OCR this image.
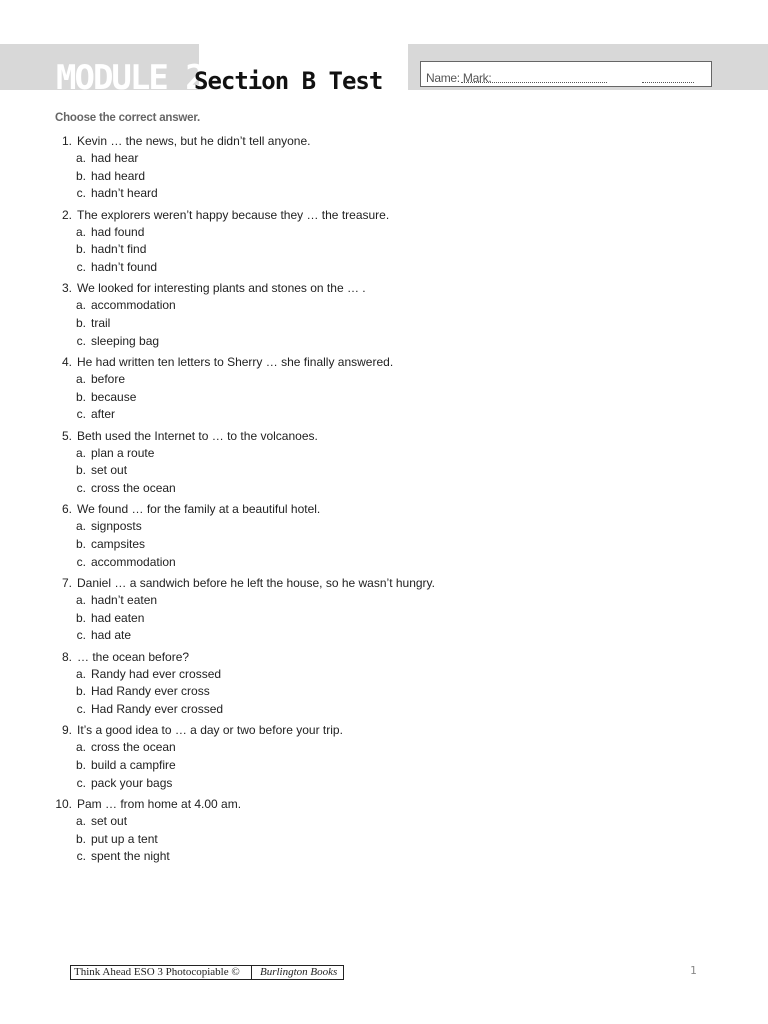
MODULE 2
Section B Test	Name: Mark:
Choose the correct answer.
1. Kevin … the news, but he didn’t tell anyone.
a. had hear
b. had heard
c. hadn’t heard
2. The explorers weren’t happy because they … the treasure.
a. had found
b. hadn’t find
c. hadn’t found
3. We looked for interesting plants and stones on the … .
a. accommodation
b. trail
c. sleeping bag
4. He had written ten letters to Sherry … she finally answered.
a. before
b. because
c. after
5. Beth used the Internet to … to the volcanoes.
a. plan a route
b. set out
c. cross the ocean
6. We found … for the family at a beautiful hotel.
a. signposts
b. campsites
c. accommodation
7. Daniel … a sandwich before he left the house, so he wasn’t hungry.
a. hadn’t eaten
b. had eaten
c. had ate
8. … the ocean before?
a. Randy had ever crossed
b. Had Randy ever cross
c. Had Randy ever crossed
9. It’s a good idea to … a day or two before your trip.
a. cross the ocean
b. build a campfire
c. pack your bags
10. Pam … from home at 4.00 am.
a. set out
b. put up a tent
c. spent the night
Think Ahead ESO 3 Photocopiable © Burlington Books	1
